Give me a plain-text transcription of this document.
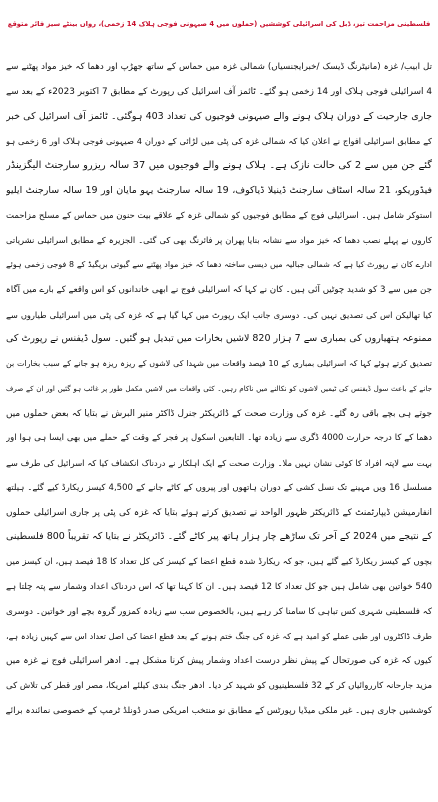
فلسطینی مزاحمت تیز، ڈبل کی اسرائیلی کوششیں (حملوں میں 4 صیہونی فوجی ہلاک 14 زخمی)، رواں بینٹے سیز فائر متوقع
تل ابیب/ غزہ (مانیٹرنگ ڈیسک /خبرایجنسیاں) شمالی غزہ میں حماس کے ساتھ جھڑپ اور دھما کہ خیز مواد پھٹنے سے
4 اسرائیلی فوجی ہلاک اور 14 زخمی ہو گئے۔ ٹائمز آف اسرائیل کی رپورٹ کے مطابق 7 اکتوبر 2023ء کے بعد سے
جاری جارحیت کے دوران ہلاک ہونے والے صیہونی فوجیوں کی تعداد 403 ہوگئی۔ ٹائمز آف اسرائیل کی خبر
کے مطابق اسرائیلی افواج نے اعلان کیا کہ شمالی غزہ کی پٹی میں لڑائی کے دوران 4 صیہونی فوجی ہلاک اور 6 زخمی ہو
گئے جن میں سے 2 کی حالت نازک ہے۔ ہلاک ہونے والے فوجیوں میں 37 سالہ ریزرو سارجنٹ الیگزینڈر
فیڈوریکو، 21 سالہ اسٹاف سارجنٹ ڈینیلا ڈیاکوف، 19 سالہ سارجنٹ یہو مایان اور 19 سالہ سارجنٹ ایلیو
استوکر شامل ہیں۔ اسرائیلی فوج کے مطابق فوجیوں کو شمالی غزہ کے علاقے بیت حنون میں حماس کے مسلح مزاحمت
کاروں نے پہلے نصب دھما کہ خیز مواد سے نشانہ بنایا پھران پر فائرنگ بھی کی گئی۔ الجزیرہ کے مطابق اسرائیلی نشریاتی
ادارے کان نے رپورٹ کیا ہے کہ شمالی جبالیہ میں دیسی ساختہ دھما کہ خیز مواد پھٹنے سے گیوتی بریگیڈ کے 8 فوجی زخمی ہوئے
جن میں سے 3 کو شدید چوٹیں آئی ہیں۔ کان نے کہا کہ اسرائیلی فوج نے ابھی خاندانوں کو اس واقعے کے بارے میں آگاہ
کیا تھالیکن اس کی تصدیق نہیں کی۔ دوسری جانب ایک رپورٹ میں کہا گیا ہے کہ غزہ کی پٹی میں اسرائیلی طیاروں سے
ممنوعہ ہتھیاروں کی بمباری سے 7 ہزار 820 لاشیں بخارات میں تبدیل ہو گئیں۔ سول ڈیفنس نے رپورٹ کی
تصدیق کرتے ہوئے کہا کہ اسرائیلی بمباری کے 10 فیصد واقعات میں شہدا کی لاشوں کے ریزہ ریزہ ہو جانے کے سبب بخارات بن
جانے کے باعث سول ڈیفنس کی ٹیمیں لاشوں کو نکالنے میں ناکام رہیں۔ کئی واقعات میں لاشیں مکمل طور پر غائب ہو گئیں اور ان کے صرف
جوتے ہی بچے باقی رہ گئے۔ غزہ کی وزارت صحت کے ڈائریکٹر جنرل ڈاکٹر منیر البرش نے بتایا کہ بعض حملوں میں
دھما کے کا درجہ حرارت 4000 ڈگری سے زیادہ تھا۔ التابعین اسکول پر فجر کے وقت کے حملے میں بھی ایسا ہی ہوا اور
بہت سے لاپتہ افراد کا کوئی نشان نہیں ملا۔ وزارت صحت کے ایک اہلکار نے دردناک انکشاف کیا کہ اسرائیل کی طرف سے
مسلسل 16 ویں مہینے تک نسل کشی کے دوران ہاتھوں اور پیروں کے کاٹے جانے کے 4,500 کیسز ریکارڈ کیے گئے۔ ہیلتھ
انفارمیشن ڈیپارٹمنٹ کے ڈائریکٹر ظہور الواحد نے تصدیق کرتے ہوئے بتایا کہ غزہ کی پٹی پر جاری اسرائیلی حملوں
کے نتیجے میں 2024 کے آخر تک ساڑھے چار ہزار ہاتھ پیر کاٹے گئے۔ ڈائریکٹر نے بتایا کہ تقریباً 800 فلسطینی
بچوں کے کیسز ریکارڈ کیے گئے ہیں، جو کہ ریکارڈ شدہ قطع اعضا کے کیسز کی کل تعداد کا 18 فیصد ہیں، ان کیسز میں
540 خواتین بھی شامل ہیں جو کل تعداد کا 12 فیصد ہیں۔ ان کا کہنا تھا کہ اس دردناک اعداد وشمار سے پتہ چلتا ہے
کہ فلسطینی شہری کس تباہی کا سامنا کر رہے ہیں، بالخصوص سب سے زیادہ کمزور گروہ بچے اور خواتین۔ دوسری
طرف ڈاکٹروں اور طبی عملے کو امید ہے کہ غزہ کی جنگ ختم ہونے کے بعد قطع اعضا کی اصل تعداد اس سے کہیں زیادہ ہے،
کیوں کہ غزہ کی صورتحال کے پیش نظر درست اعداد وشمار پیش کرنا مشکل ہے۔ ادھر اسرائیلی فوج نے غزہ میں
مزید جارحانہ کارروائیاں کر کے 32 فلسطینیوں کو شہید کر دیا۔ ادھر جنگ بندی کیلئے امریکا، مصر اور قطر کی تلاش کی
کوششیں جاری ہیں۔ غیر ملکی میڈیا رپورٹس کے مطابق نو منتخب امریکی صدر ڈونلڈ ٹرمپ کے خصوصی نمائندہ برائے
